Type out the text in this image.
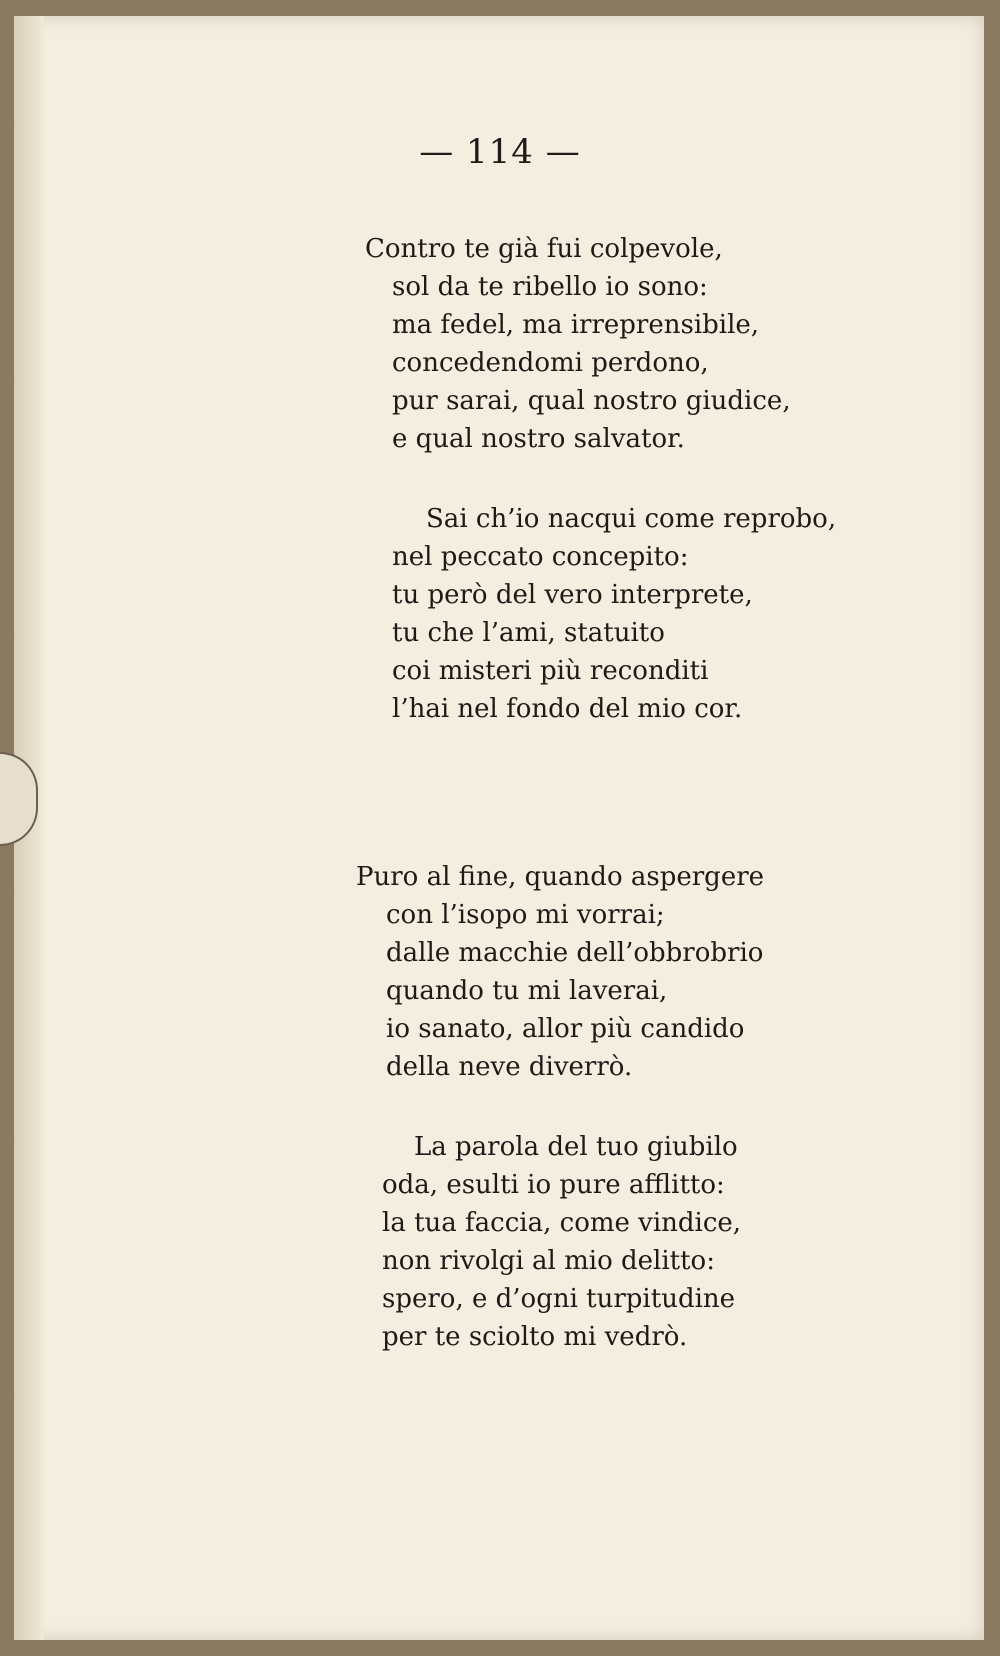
— 114 —
Contro te già fui colpevole,
sol da te ribello io sono:
ma fedel, ma irreprensibile,
concedendomi perdono,
pur sarai, qual nostro giudice,
e qual nostro salvator.
Sai ch’io nacqui come reprobo,
nel peccato concepito:
tu però del vero interprete,
tu che l’ami, statuito
coi misteri più reconditi
l’hai nel fondo del mio cor.
Puro al fine, quando aspergere
con l’isopo mi vorrai;
dalle macchie dell’obbrobrio
quando tu mi laverai,
io sanato, allor più candido
della neve diverrò.
La parola del tuo giubilo
oda, esulti io pure afflitto:
la tua faccia, come vindice,
non rivolgi al mio delitto:
spero, e d’ogni turpitudine
per te sciolto mi vedrò.
